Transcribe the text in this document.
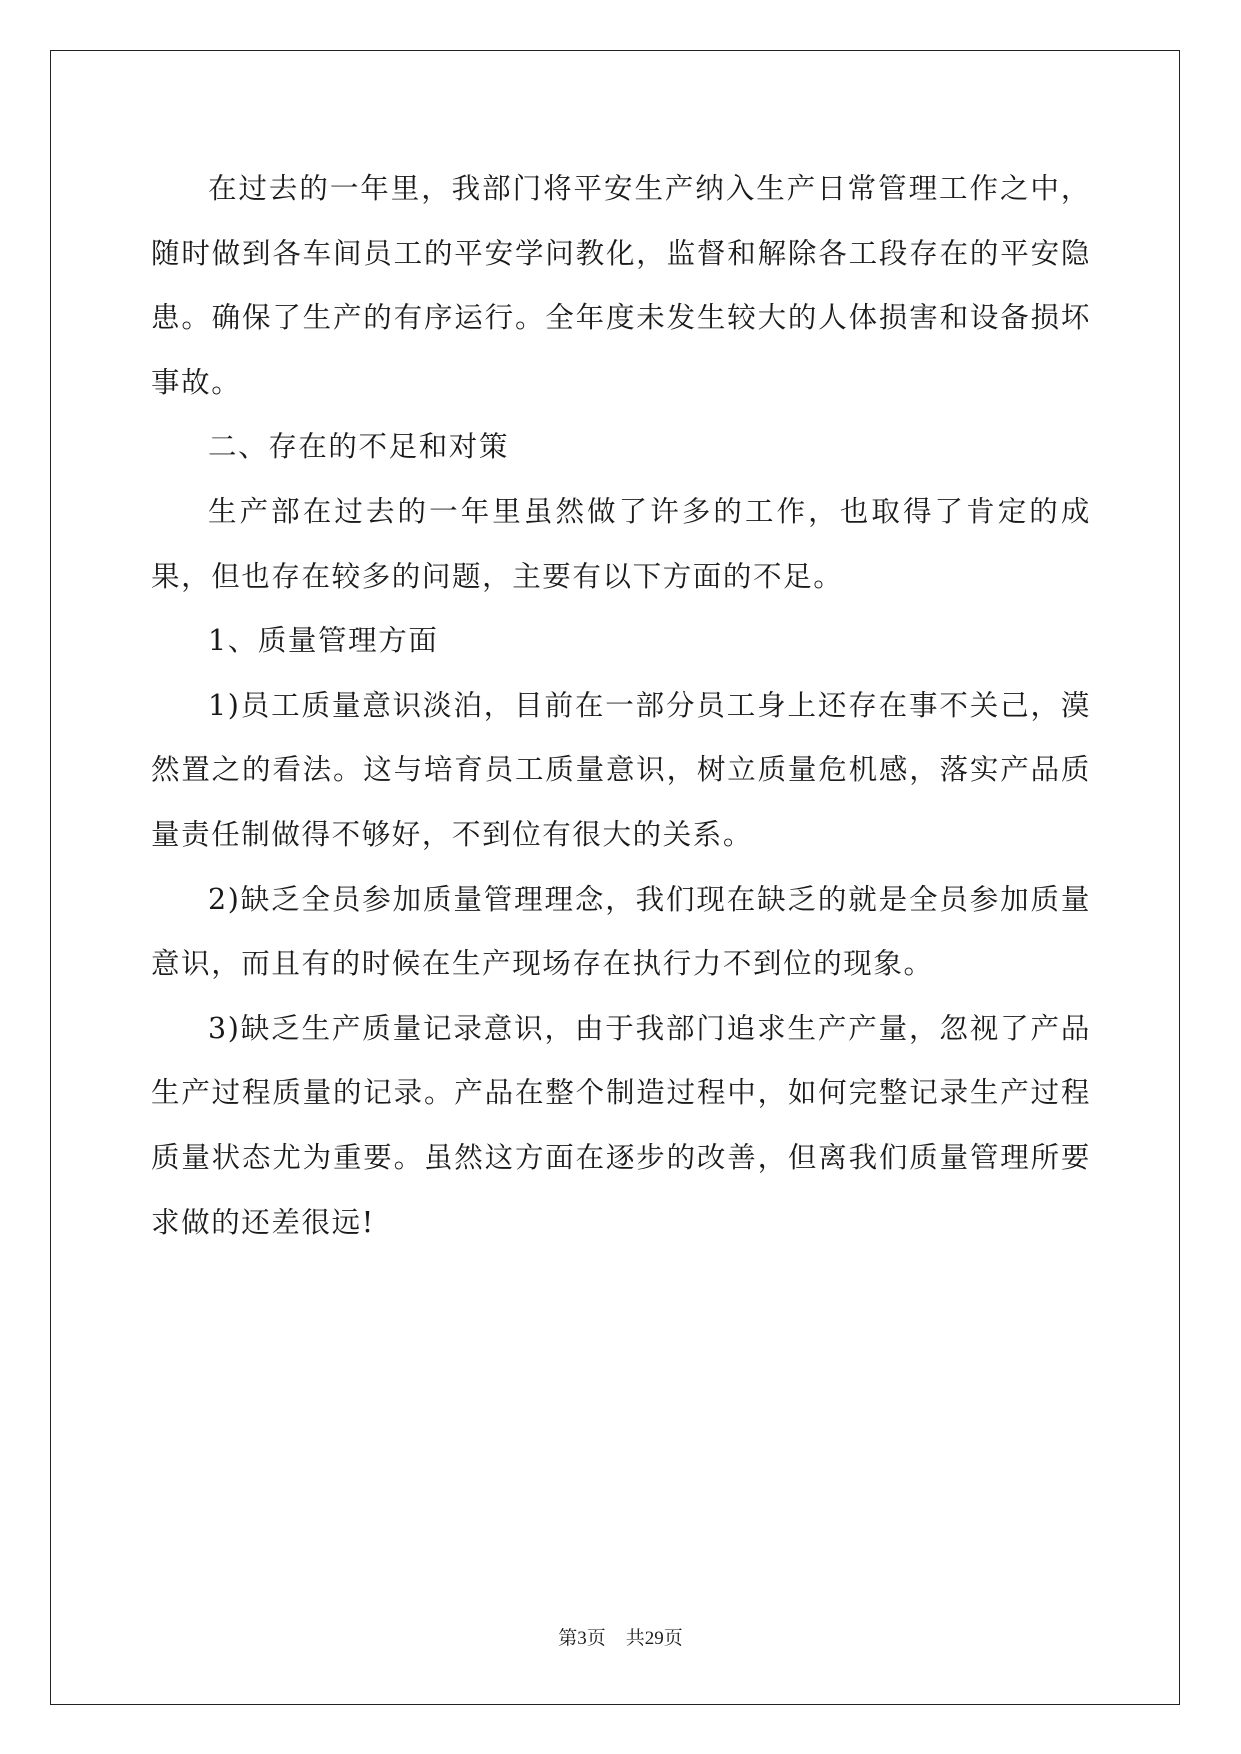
在过去的一年里，我部门将平安生产纳入生产日常管理工作之中，随时做到各车间员工的平安学问教化，监督和解除各工段存在的平安隐患。确保了生产的有序运行。全年度未发生较大的人体损害和设备损坏事故。

二、存在的不足和对策

生产部在过去的一年里虽然做了许多的工作，也取得了肯定的成果，但也存在较多的问题，主要有以下方面的不足。

1、质量管理方面

1)员工质量意识淡泊，目前在一部分员工身上还存在事不关己，漠然置之的看法。这与培育员工质量意识，树立质量危机感，落实产品质量责任制做得不够好，不到位有很大的关系。

2)缺乏全员参加质量管理理念，我们现在缺乏的就是全员参加质量意识，而且有的时候在生产现场存在执行力不到位的现象。

3)缺乏生产质量记录意识，由于我部门追求生产产量，忽视了产品生产过程质量的记录。产品在整个制造过程中，如何完整记录生产过程质量状态尤为重要。虽然这方面在逐步的改善，但离我们质量管理所要求做的还差很远!

第3页 共29页
